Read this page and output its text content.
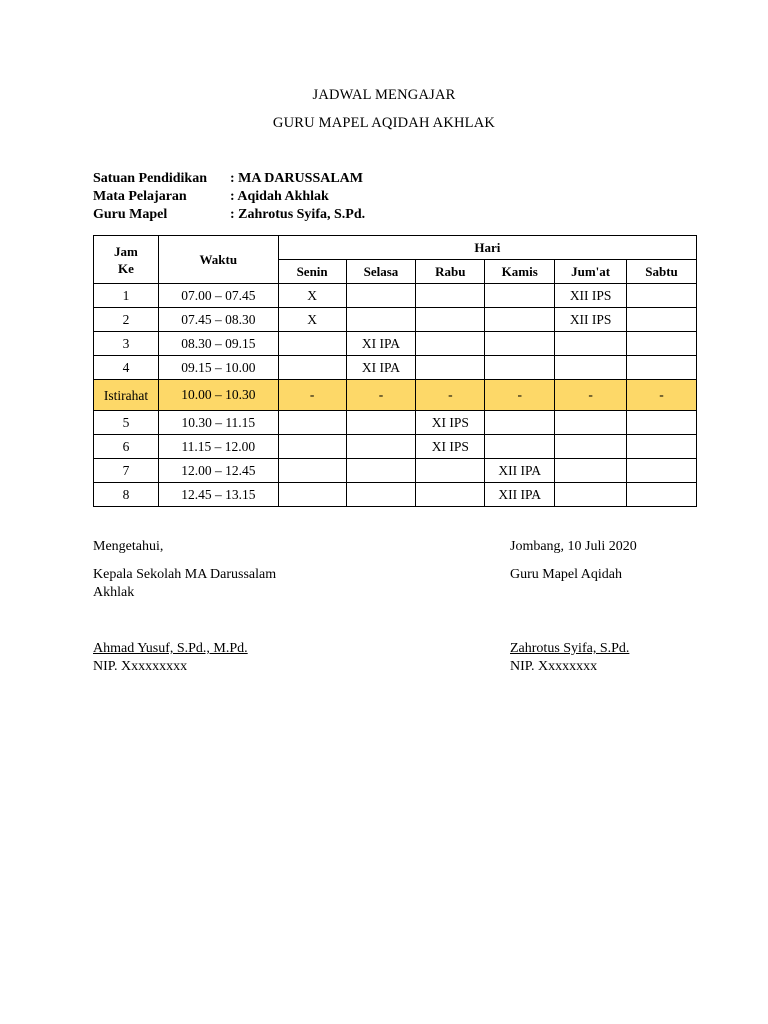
JADWAL MENGAJAR
GURU MAPEL AQIDAH AKHLAK
Satuan Pendidikan : MA DARUSSALAM
Mata Pelajaran	: Aqidah Akhlak
Guru Mapel	: Zahrotus Syifa, S.Pd.
Jam Ke	Waktu	Hari					
		Senin	Selasa	Rabu	Kamis	Jum'at	Sabtu
1	07.00 – 07.45	X				XII IPS	
2	07.45 – 08.30	X				XII IPS	
3	08.30 – 09.15		XI IPA				
4	09.15 – 10.00		XI IPA				

Istirahat	10.00 – 10.30	-	-	-	-	-	-
5	10.30 – 11.15			XI IPS			
6	11.15 – 12.00			XI IPS			
7	12.00 – 12.45				XII IPA		
8	12.45 – 13.15				XII IPA		
Mengetahui,
Kepala Sekolah MA Darussalam
Akhlak
Ahmad Yusuf, S.Pd., M.Pd.
NIP. Xxxxxxxxx
Jombang, 10 Juli 2020
Guru Mapel Aqidah
Zahrotus Syifa, S.Pd.
NIP. Xxxxxxxx
